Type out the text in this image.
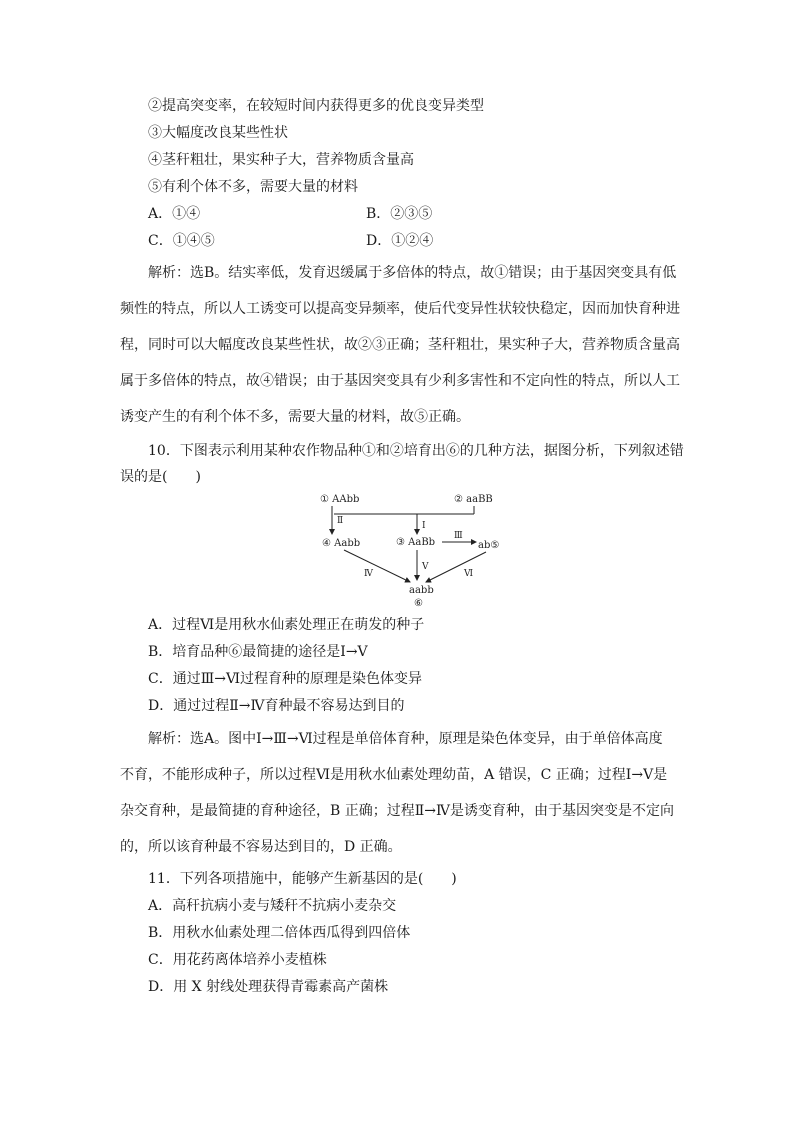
②提高突变率，在较短时间内获得更多的优良变异类型
③大幅度改良某些性状
④茎秆粗壮，果实种子大，营养物质含量高
⑤有利个体不多，需要大量的材料
A．①④	B．②③⑤
C．①④⑤	D．①②④
解析：选B。结实率低，发育迟缓属于多倍体的特点，故①错误；由于基因突变具有低
频性的特点，所以人工诱变可以提高变异频率，使后代变异性状较快稳定，因而加快育种进
程，同时可以大幅度改良某些性状，故②③正确；茎秆粗壮，果实种子大，营养物质含量高
属于多倍体的特点，故④错误；由于基因突变具有少利多害性和不定向性的特点，所以人工
诱变产生的有利个体不多，需要大量的材料，故⑤正确。
10．下图表示利用某种农作物品种①和②培育出⑥的几种方法，据图分析，下列叙述错
误的是(　　)
① AAbb	② aaBB
③ AaBb
④ Aabb	ab⑤
aabb
⑥
Ⅱ	Ⅰ
Ⅲ
Ⅳ
Ⅴ
Ⅵ
A．过程Ⅵ是用秋水仙素处理正在萌发的种子
B．培育品种⑥最简捷的途径是Ⅰ→Ⅴ
C．通过Ⅲ→Ⅵ过程育种的原理是染色体变异
D．通过过程Ⅱ→Ⅳ育种最不容易达到目的
解析：选A。图中Ⅰ→Ⅲ→Ⅵ过程是单倍体育种，原理是染色体变异，由于单倍体高度
不育，不能形成种子，所以过程Ⅵ是用秋水仙素处理幼苗，A 错误，C 正确；过程Ⅰ→Ⅴ是
杂交育种，是最简捷的育种途径，B 正确；过程Ⅱ→Ⅳ是诱变育种，由于基因突变是不定向
的，所以该育种最不容易达到目的，D 正确。
11．下列各项措施中，能够产生新基因的是(　　)
A．高秆抗病小麦与矮秆不抗病小麦杂交
B．用秋水仙素处理二倍体西瓜得到四倍体
C．用花药离体培养小麦植株
D．用 X 射线处理获得青霉素高产菌株
